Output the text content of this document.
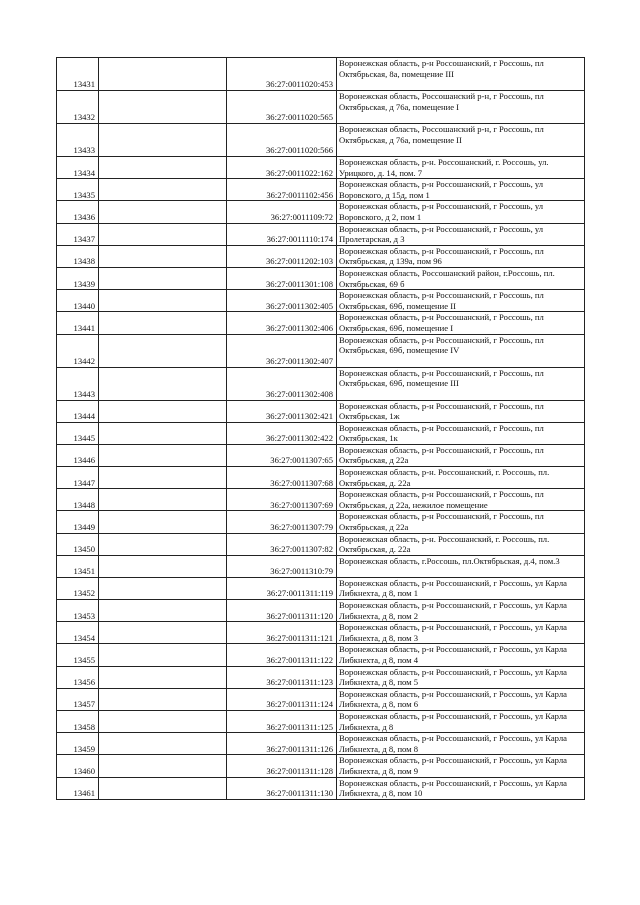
13431		36:27:0011020:453	Воронежская область, р-н Россошанский, г Россошь, пл Октябрьская, 8а, помещение III
13432		36:27:0011020:565	Воронежская область, Россошанский р-н, г Россошь, пл Октябрьская, д 76а, помещение I
13433		36:27:0011020:566	Воронежская область, Россошанский р-н, г Россошь, пл Октябрьская, д 76а, помещение II
13434		36:27:0011022:162	Воронежская область, р-н. Россошанский, г. Россошь, ул. Урицкого, д. 14, пом. 7
13435		36:27:0011102:456	Воронежская область, р-н Россошанский, г Россошь, ул Воровского, д 15д, пом 1
13436		36:27:0011109:72	Воронежская область, р-н Россошанский, г Россошь, ул Воровского, д 2, пом 1
13437		36:27:0011110:174	Воронежская область, р-н Россошанский, г Россошь, ул Пролетарская, д 3
13438		36:27:0011202:103	Воронежская область, р-н Россошанский, г Россошь, пл Октябрьская, д 139а, пом 96
13439		36:27:0011301:108	Воронежская область, Россошанский район, г.Россошь, пл. Октябрьская, 69 б
13440		36:27:0011302:405	Воронежская область, р-н Россошанский, г Россошь, пл Октябрьская, 69б, помещение II
13441		36:27:0011302:406	Воронежская область, р-н Россошанский, г Россошь, пл Октябрьская, 69б, помещение I
13442		36:27:0011302:407	Воронежская область, р-н Россошанский, г Россошь, пл Октябрьская, 69б, помещение IV
13443		36:27:0011302:408	Воронежская область, р-н Россошанский, г Россошь, пл Октябрьская, 69б, помещение III
13444		36:27:0011302:421	Воронежская область, р-н Россошанский, г Россошь, пл Октябрьская, 1ж
13445		36:27:0011302:422	Воронежская область, р-н Россошанский, г Россошь, пл Октябрьская, 1к
13446		36:27:0011307:65	Воронежская область, р-н Россошанский, г Россошь, пл Октябрьская, д 22а
13447		36:27:0011307:68	Воронежская область, р-н. Россошанский, г. Россошь, пл. Октябрьская, д. 22а
13448		36:27:0011307:69	Воронежская область, р-н Россошанский, г Россошь, пл Октябрьская, д 22а, нежилое помещение
13449		36:27:0011307:79	Воронежская область, р-н Россошанский, г Россошь, пл Октябрьская, д 22а
13450		36:27:0011307:82	Воронежская область, р-н. Россошанский, г. Россошь, пл. Октябрьская, д. 22а
13451		36:27:0011310:79	Воронежская область, г.Россошь, пл.Октябрьская, д.4, пом.3
13452		36:27:0011311:119	Воронежская область, р-н Россошанский, г Россошь, ул Карла Либкнехта, д 8, пом 1
13453		36:27:0011311:120	Воронежская область, р-н Россошанский, г Россошь, ул Карла Либкнехта, д 8, пом 2
13454		36:27:0011311:121	Воронежская область, р-н Россошанский, г Россошь, ул Карла Либкнехта, д 8, пом 3
13455		36:27:0011311:122	Воронежская область, р-н Россошанский, г Россошь, ул Карла Либкнехта, д 8, пом 4
13456		36:27:0011311:123	Воронежская область, р-н Россошанский, г Россошь, ул Карла Либкнехта, д 8, пом 5
13457		36:27:0011311:124	Воронежская область, р-н Россошанский, г Россошь, ул Карла Либкнехта, д 8, пом 6
13458		36:27:0011311:125	Воронежская область, р-н Россошанский, г Россошь, ул Карла Либкнехта, д 8
13459		36:27:0011311:126	Воронежская область, р-н Россошанский, г Россошь, ул Карла Либкнехта, д 8, пом 8
13460		36:27:0011311:128	Воронежская область, р-н Россошанский, г Россошь, ул Карла Либкнехта, д 8, пом 9
13461		36:27:0011311:130	Воронежская область, р-н Россошанский, г Россошь, ул Карла Либкнехта, д 8, пом 10
